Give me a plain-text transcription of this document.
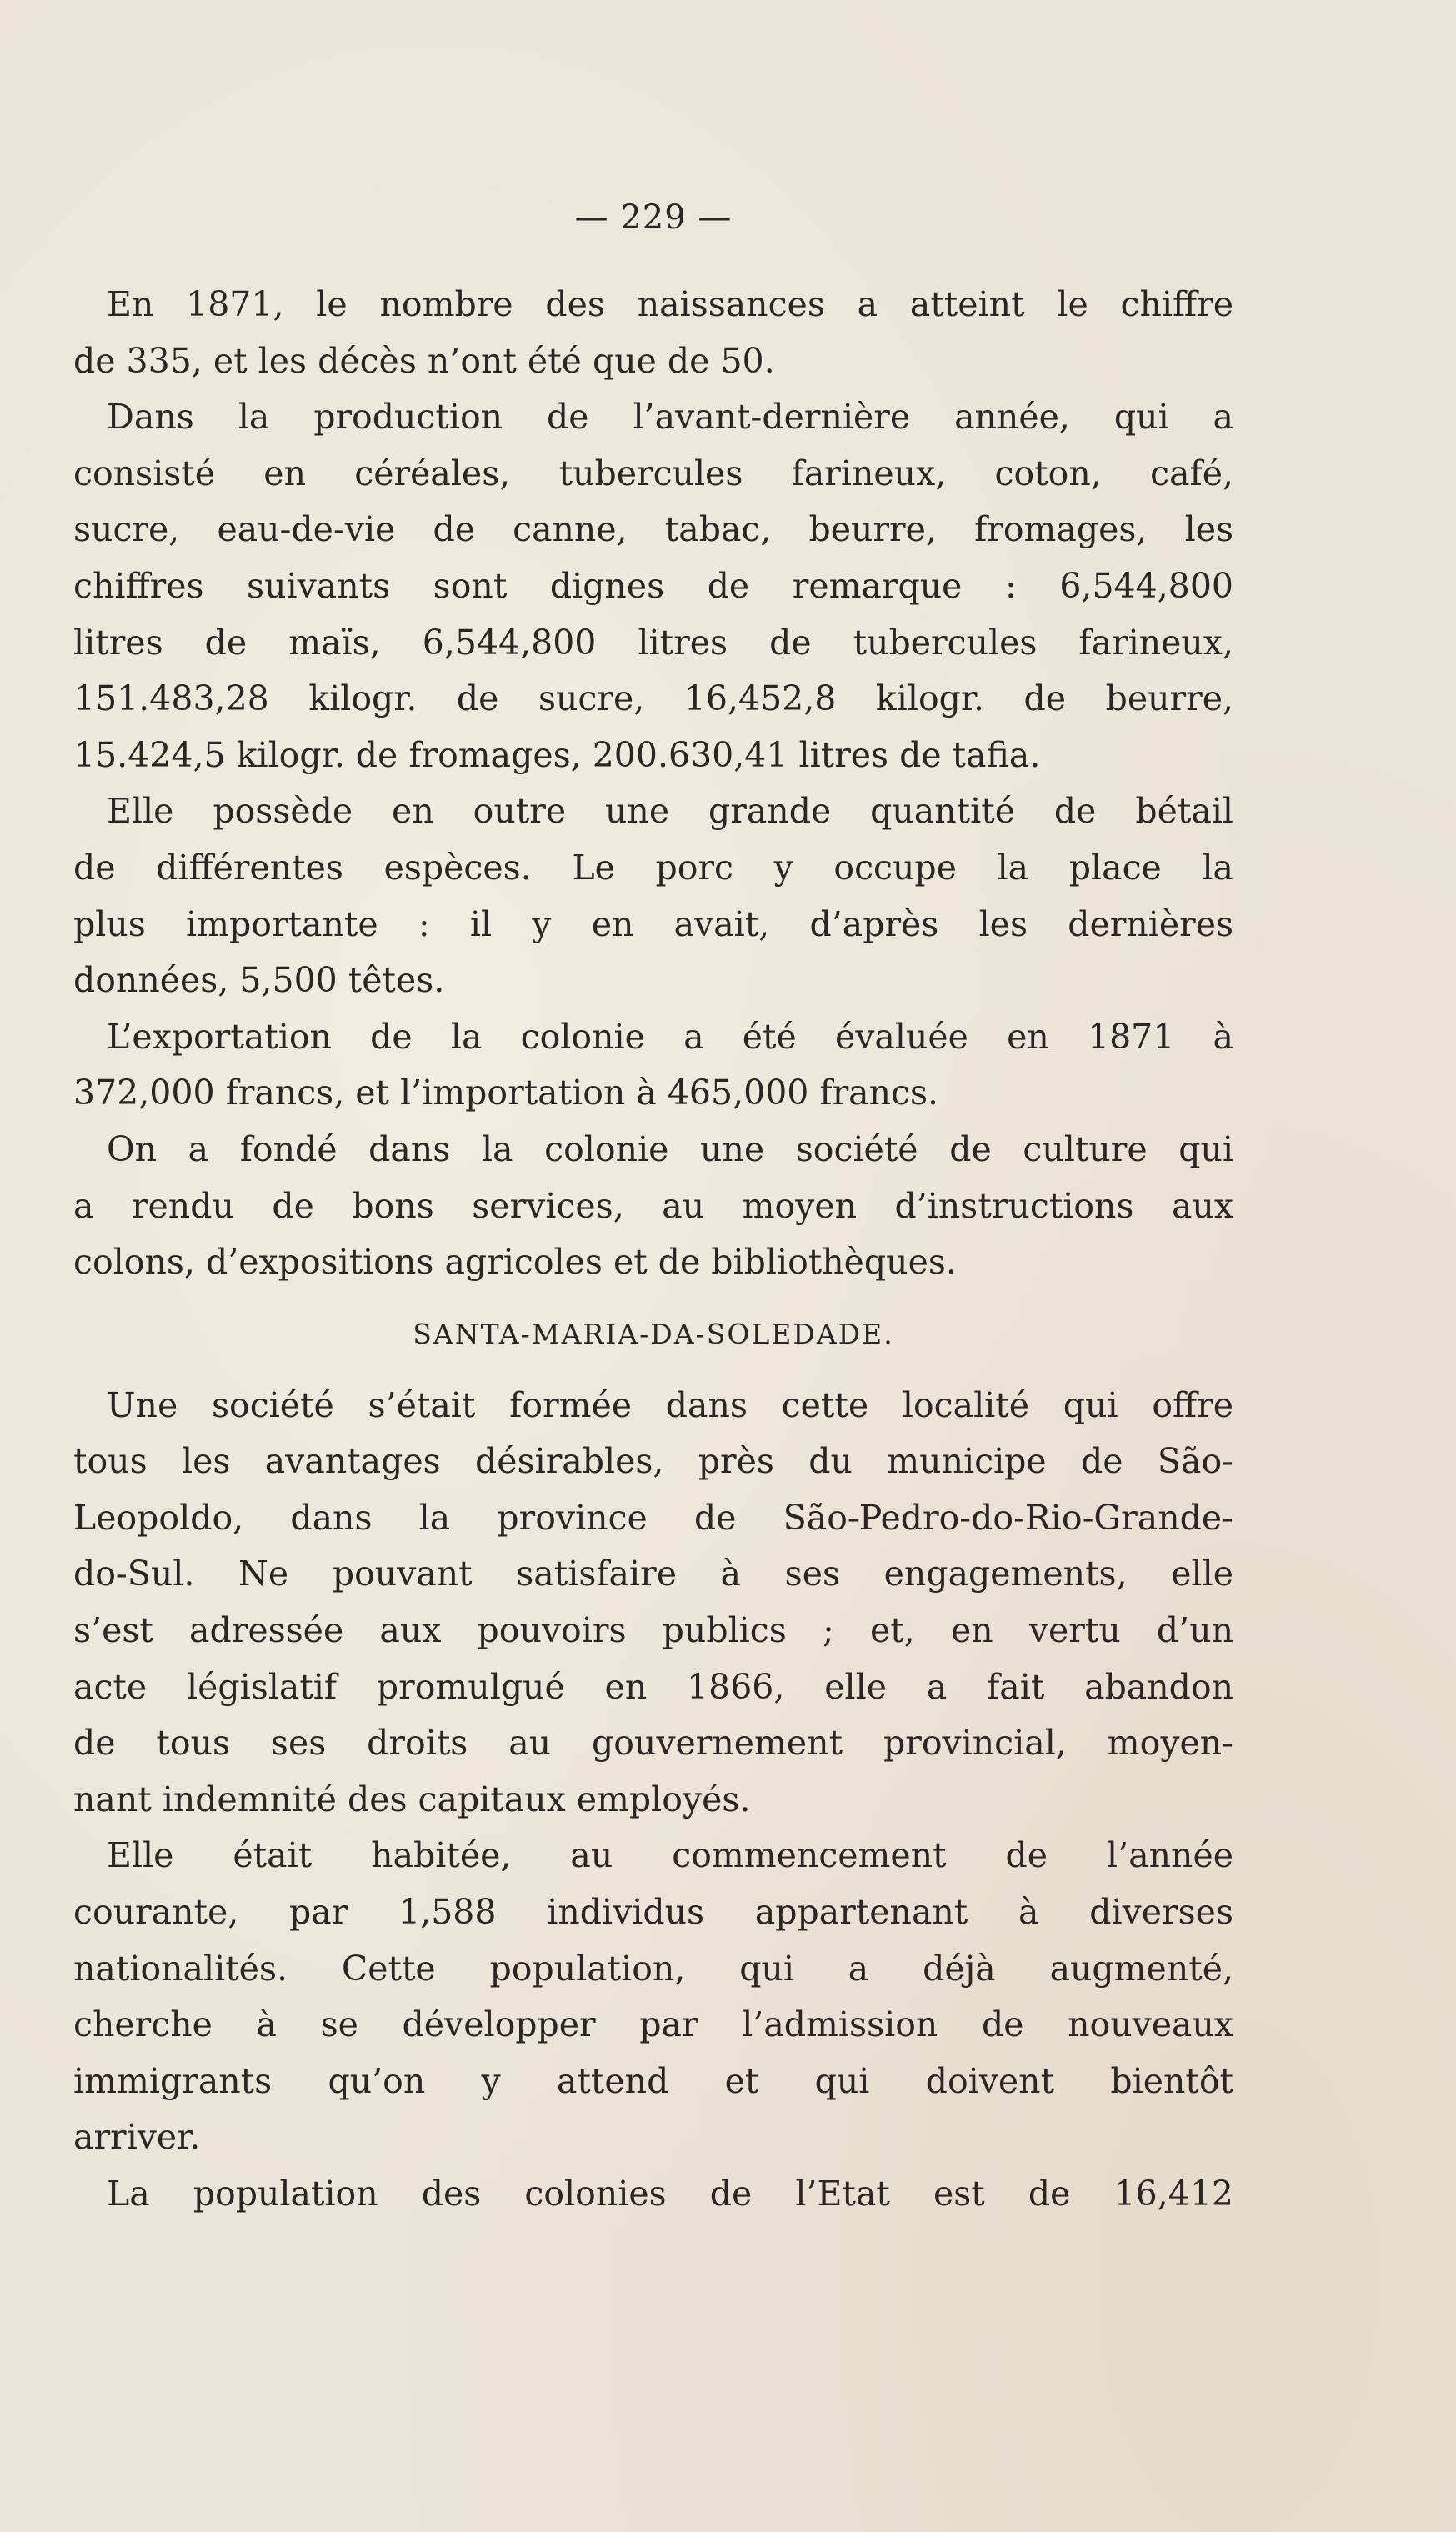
— 229 —
En 1871, le nombre des naissances a atteint le chiffre
de 335, et les décès n’ont été que de 50.
Dans la production de l’avant-dernière année, qui a
consisté en céréales, tubercules farineux, coton, café,
sucre, eau-de-vie de canne, tabac, beurre, fromages, les
chiffres suivants sont dignes de remarque : 6,544,800
litres de maïs, 6,544,800 litres de tubercules farineux,
151.483,28 kilogr. de sucre, 16,452,8 kilogr. de beurre,
15.424,5 kilogr. de fromages, 200.630,41 litres de tafia.
Elle possède en outre une grande quantité de bétail
de différentes espèces. Le porc y occupe la place la
plus importante : il y en avait, d’après les dernières
données, 5,500 têtes.
L’exportation de la colonie a été évaluée en 1871 à
372,000 francs, et l’importation à 465,000 francs.
On a fondé dans la colonie une société de culture qui
a rendu de bons services, au moyen d’instructions aux
colons, d’expositions agricoles et de bibliothèques.
SANTA-MARIA-DA-SOLEDADE.
Une société s’était formée dans cette localité qui offre
tous les avantages désirables, près du municipe de São-
Leopoldo, dans la province de São-Pedro-do-Rio-Grande-
do-Sul. Ne pouvant satisfaire à ses engagements, elle
s’est adressée aux pouvoirs publics ; et, en vertu d’un
acte législatif promulgué en 1866, elle a fait abandon
de tous ses droits au gouvernement provincial, moyen-
nant indemnité des capitaux employés.
Elle était habitée, au commencement de l’année
courante, par 1,588 individus appartenant à diverses
nationalités. Cette population, qui a déjà augmenté,
cherche à se développer par l’admission de nouveaux
immigrants qu’on y attend et qui doivent bientôt
arriver.
La population des colonies de l’Etat est de 16,412
